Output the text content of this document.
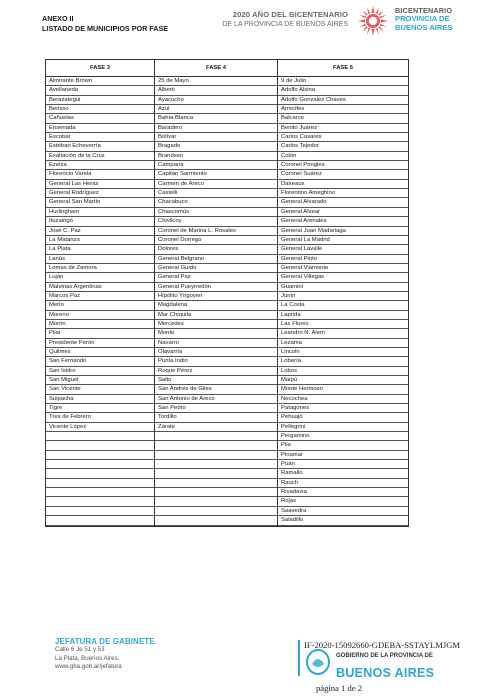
ANEXO II
LISTADO DE MUNICIPIOS POR FASE
2020 AÑO DEL BICENTENARIO
DE LA PROVINCIA DE BUENOS AIRES
BICENTENARIO
PROVINCIA DE
BUENOS AIRES
FASE 3	FASE 4	FASE 5
Almirante Brown
Avellaneda
Berazategui
Berisso
Cañuelas
Ensenada
Escobar
Esteban Echeverría
Exaltación de la Cruz
Ezeiza
Florencio Varela
General Las Heras
General Rodríguez
General San Martín
Hurlingham
Ituzaingó
José C. Paz
La Matanza
La Plata
Lanús
Lomas de Zamora
Luján
Malvinas Argentinas
Marcos Paz
Merlo
Moreno
Morón
Pilar
Presidente Perón
Quilmes
San Fernando
San Isidro
San Miguel
San Vicente
Suipacha
Tigre
Tres de Febrero
Vicente López
25 de Mayo
Alberti
Ayacucho
Azul
Bahía Blanca
Baradero
Bolívar
Bragado
Brandsen
Campana
Capitán Sarmiento
Carmen de Areco
Castelli
Chacabuco
Chascomús
Chivilcoy
Coronel de Marina L. Rosales
Coronel Dorrego
Dolores
General Belgrano
General Guido
General Paz
General Pueyrredón
Hipólito Yrigoyen
Magdalena
Mar Chiquita
Mercedes
Monte
Navarro
Olavarría
Punta Indio
Roque Pérez
Salto
San Andrés de Giles
San Antonio de Areco
San Pedro
Tordillo
Zárate
9 de Julio
Adolfo Alsina
Adolfo Gonzales Chaves
Arrecifes
Balcarce
Benito Juárez
Carlos Casares
Carlos Tejedor
Colón
Coronel Pringles
Coronel Suárez
Daireaux
Florentino Ameghino
General Alvarado
General Alvear
General Arenales
General Juan Madariaga
General La Madrid
General Lavalle
General Pinto
General Viamonte
General Villegas
Guamini
Junín
La Costa
Laprida
Las Flores
Leandro N. Alem
Lezama
Lincoln
Lobería
Lobos
Maipú
Monte Hermoso
Necochea
Patagones
Pehuajó
Pellegrini
Pergamino
Pila
Pinamar
Puán
Ramallo
Rauch
Rivadavia
Rojas
Saavedra
Saladillo
JEFATURA DE GABINETE
Calle 6 Je 51 y 53
La Plata, Buenos Aires.
www.gba.gob.ar/jefatura
IF-2020-15092660-GDEBA-SSTAYLMJGM
GOBIERNO DE LA PROVINCIA DE
BUENOS AIRES
página 1 de 2
